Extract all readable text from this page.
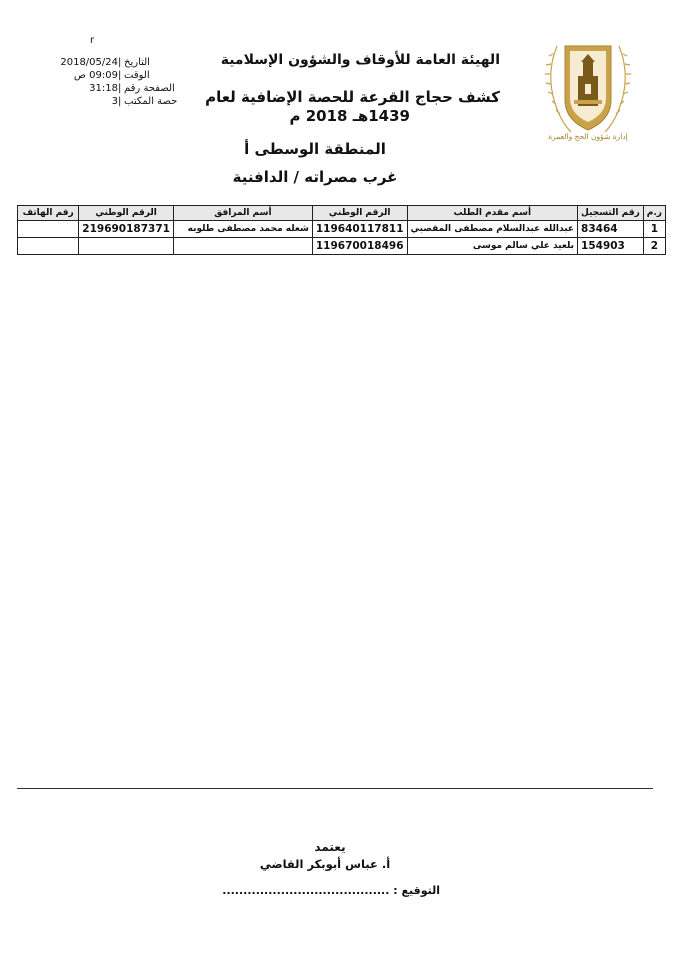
r
2018/05/24 | التاريخ
09:09 ص | الوقت
31:18 | الصفحة رقم
3 | حصة المكتب
الهيئة العامة للأوقاف والشؤون الإسلامية
كشف حجاج القرعة للحصة الإضافية لعام
1439هـ 2018 م
المنطقة الوسطى أ
غرب مصراته / الدافنية
إدارة شؤون الحج والعمرة
ر.م	رقم التسجيل	أسم مقدم الطلب	الرقم الوطني	أسم المرافق	الرقم الوطني	رقم الهاتف
1	83464	عبدالله عبدالسلام مصطفى المقصبي	119640117811	شعله محمد مصطفى طلوبه	219690187371	
2	154903	بلعيد علي سالم موسى	119670018496			
يعتمد
أ. عباس أبوبكر القاضي
التوقيع : ........................................
